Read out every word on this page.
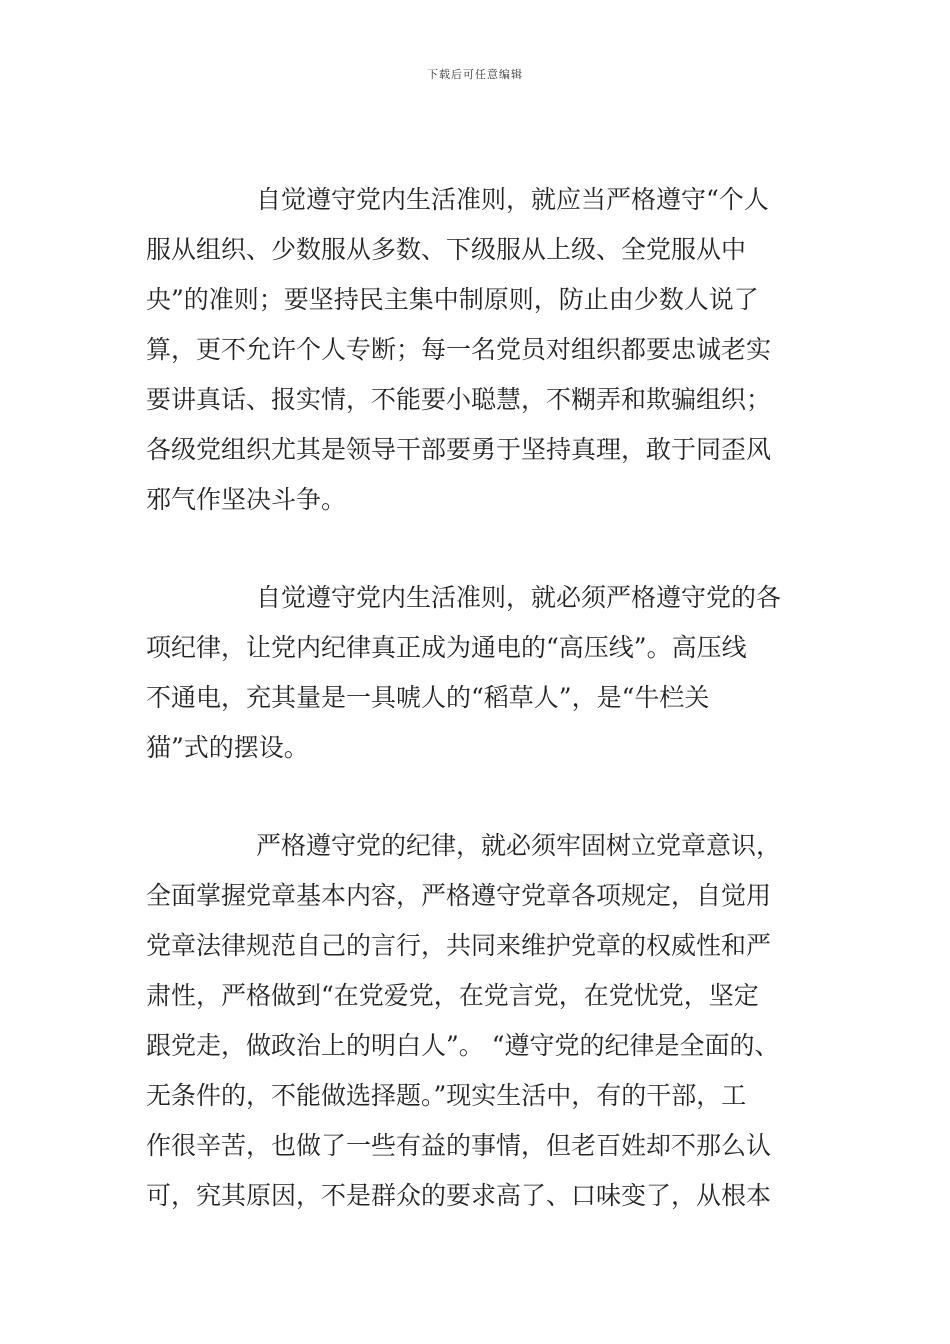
下载后可任意编辑
自觉遵守党内生活准则，就应当严格遵守“个人
服从组织、少数服从多数、下级服从上级、全党服从中
央”的准则；要坚持民主集中制原则，防止由少数人说了
算，更不允许个人专断；每一名党员对组织都要忠诚老实
要讲真话、报实情，不能要小聪慧，不糊弄和欺骗组织；
各级党组织尤其是领导干部要勇于坚持真理，敢于同歪风
邪气作坚决斗争。
自觉遵守党内生活准则，就必须严格遵守党的各
项纪律，让党内纪律真正成为通电的“高压线”。高压线
不通电，充其量是一具唬人的“稻草人”，是“牛栏关
猫”式的摆设。
严格遵守党的纪律，就必须牢固树立党章意识，
全面掌握党章基本内容，严格遵守党章各项规定，自觉用
党章法律规范自己的言行，共同来维护党章的权威性和严
肃性，严格做到“在党爱党，在党言党，在党忧党，坚定
跟党走，做政治上的明白人”。 “遵守党的纪律是全面的、
无条件的，不能做选择题。”现实生活中，有的干部，工
作很辛苦，也做了一些有益的事情，但老百姓却不那么认
可，究其原因，不是群众的要求高了、口味变了，从根本
